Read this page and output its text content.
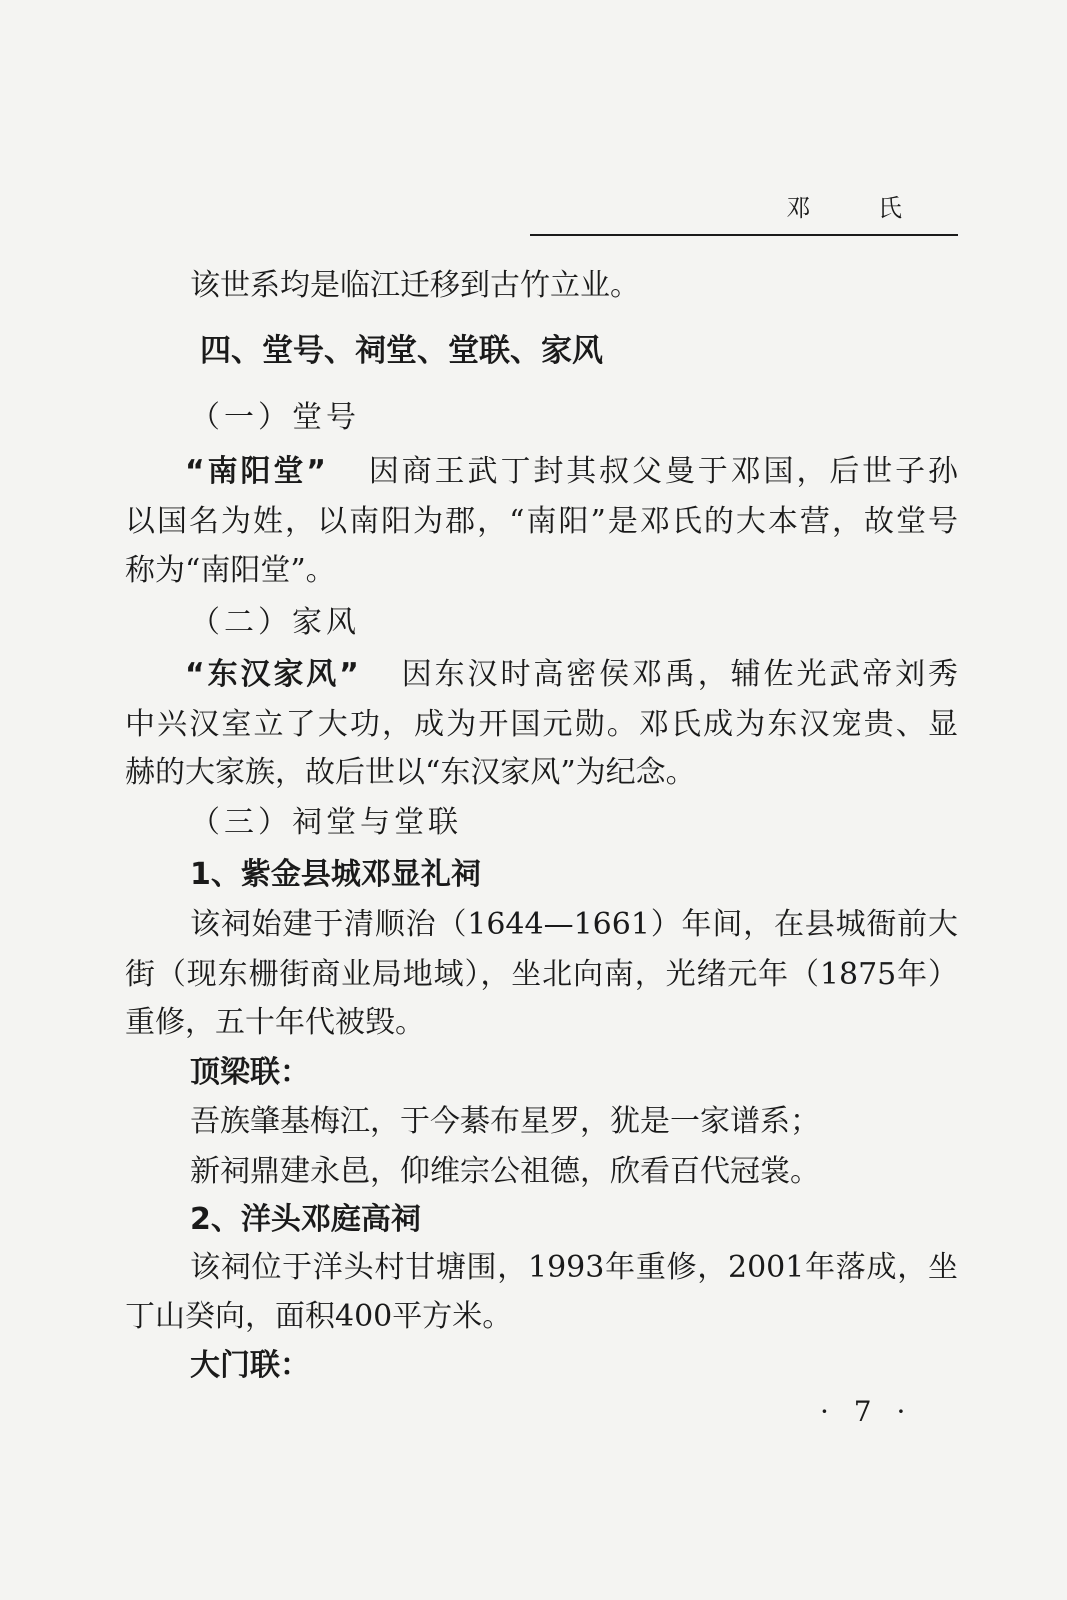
邓 氏
该世系均是临江迁移到古竹立业。
四、堂号、祠堂、堂联、家风
（一）堂号
“南阳堂” 因商王武丁封其叔父曼于邓国，后世子孙
以国名为姓，以南阳为郡，“南阳”是邓氏的大本营，故堂号
称为“南阳堂”。
（二）家风
“东汉家风” 因东汉时高密侯邓禹，辅佐光武帝刘秀
中兴汉室立了大功，成为开国元勋。邓氏成为东汉宠贵、显
赫的大家族，故后世以“东汉家风”为纪念。
（三）祠堂与堂联
1、紫金县城邓显礼祠
该祠始建于清顺治（1644—1661）年间，在县城衙前大
街（现东栅街商业局地域），坐北向南，光绪元年（1875年）
重修，五十年代被毁。
顶梁联：
吾族肇基梅江，于今綦布星罗，犹是一家谱系；
新祠鼎建永邑，仰维宗公祖德，欣看百代冠裳。
2、洋头邓庭高祠
该祠位于洋头村甘塘围，1993年重修，2001年落成，坐
丁山癸向，面积400平方米。
大门联：
· 7 ·
